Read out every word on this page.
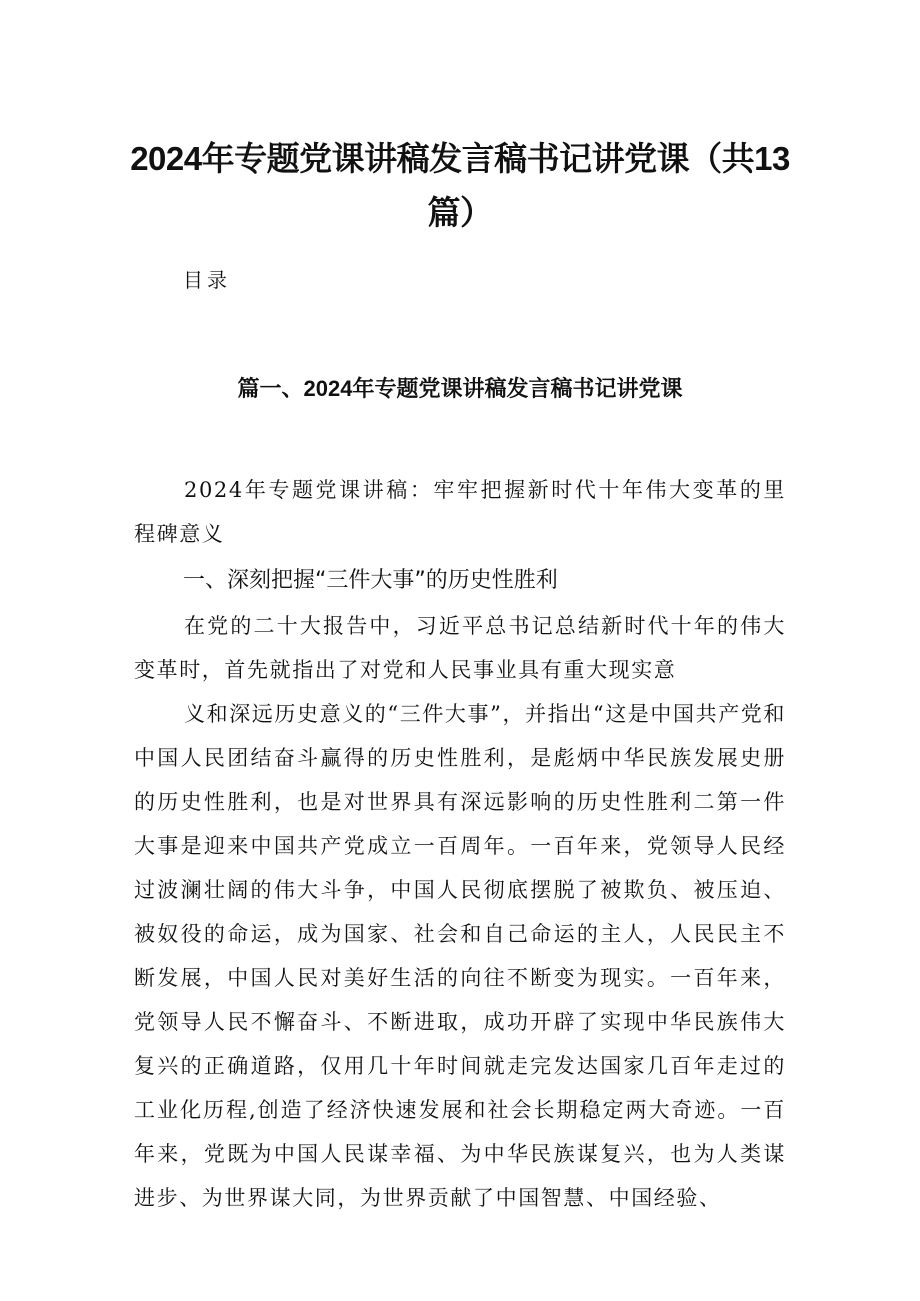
2024年专题党课讲稿发言稿书记讲党课（共13篇）
目录
篇一、2024年专题党课讲稿发言稿书记讲党课

2024年专题党课讲稿：牢牢把握新时代十年伟大变革的里程碑意义

一、深刻把握“三件大事”的历史性胜利

在党的二十大报告中，习近平总书记总结新时代十年的伟大变革时，首先就指出了对党和人民事业具有重大现实意

义和深远历史意义的“三件大事”，并指出“这是中国共产党和中国人民团结奋斗赢得的历史性胜利，是彪炳中华民族发展史册的历史性胜利，也是对世界具有深远影响的历史性胜利二第一件大事是迎来中国共产党成立一百周年。一百年来，党领导人民经过波澜壮阔的伟大斗争，中国人民彻底摆脱了被欺负、被压迫、被奴役的命运，成为国家、社会和自己命运的主人，人民民主不断发展，中国人民对美好生活的向往不断变为现实。一百年来，党领导人民不懈奋斗、不断进取，成功开辟了实现中华民族伟大复兴的正确道路，仅用几十年时间就走完发达国家几百年走过的工业化历程,创造了经济快速发展和社会长期稳定两大奇迹。一百年来，党既为中国人民谋幸福、为中华民族谋复兴，也为人类谋进步、为世界谋大同，为世界贡献了中国智慧、中国经验、
